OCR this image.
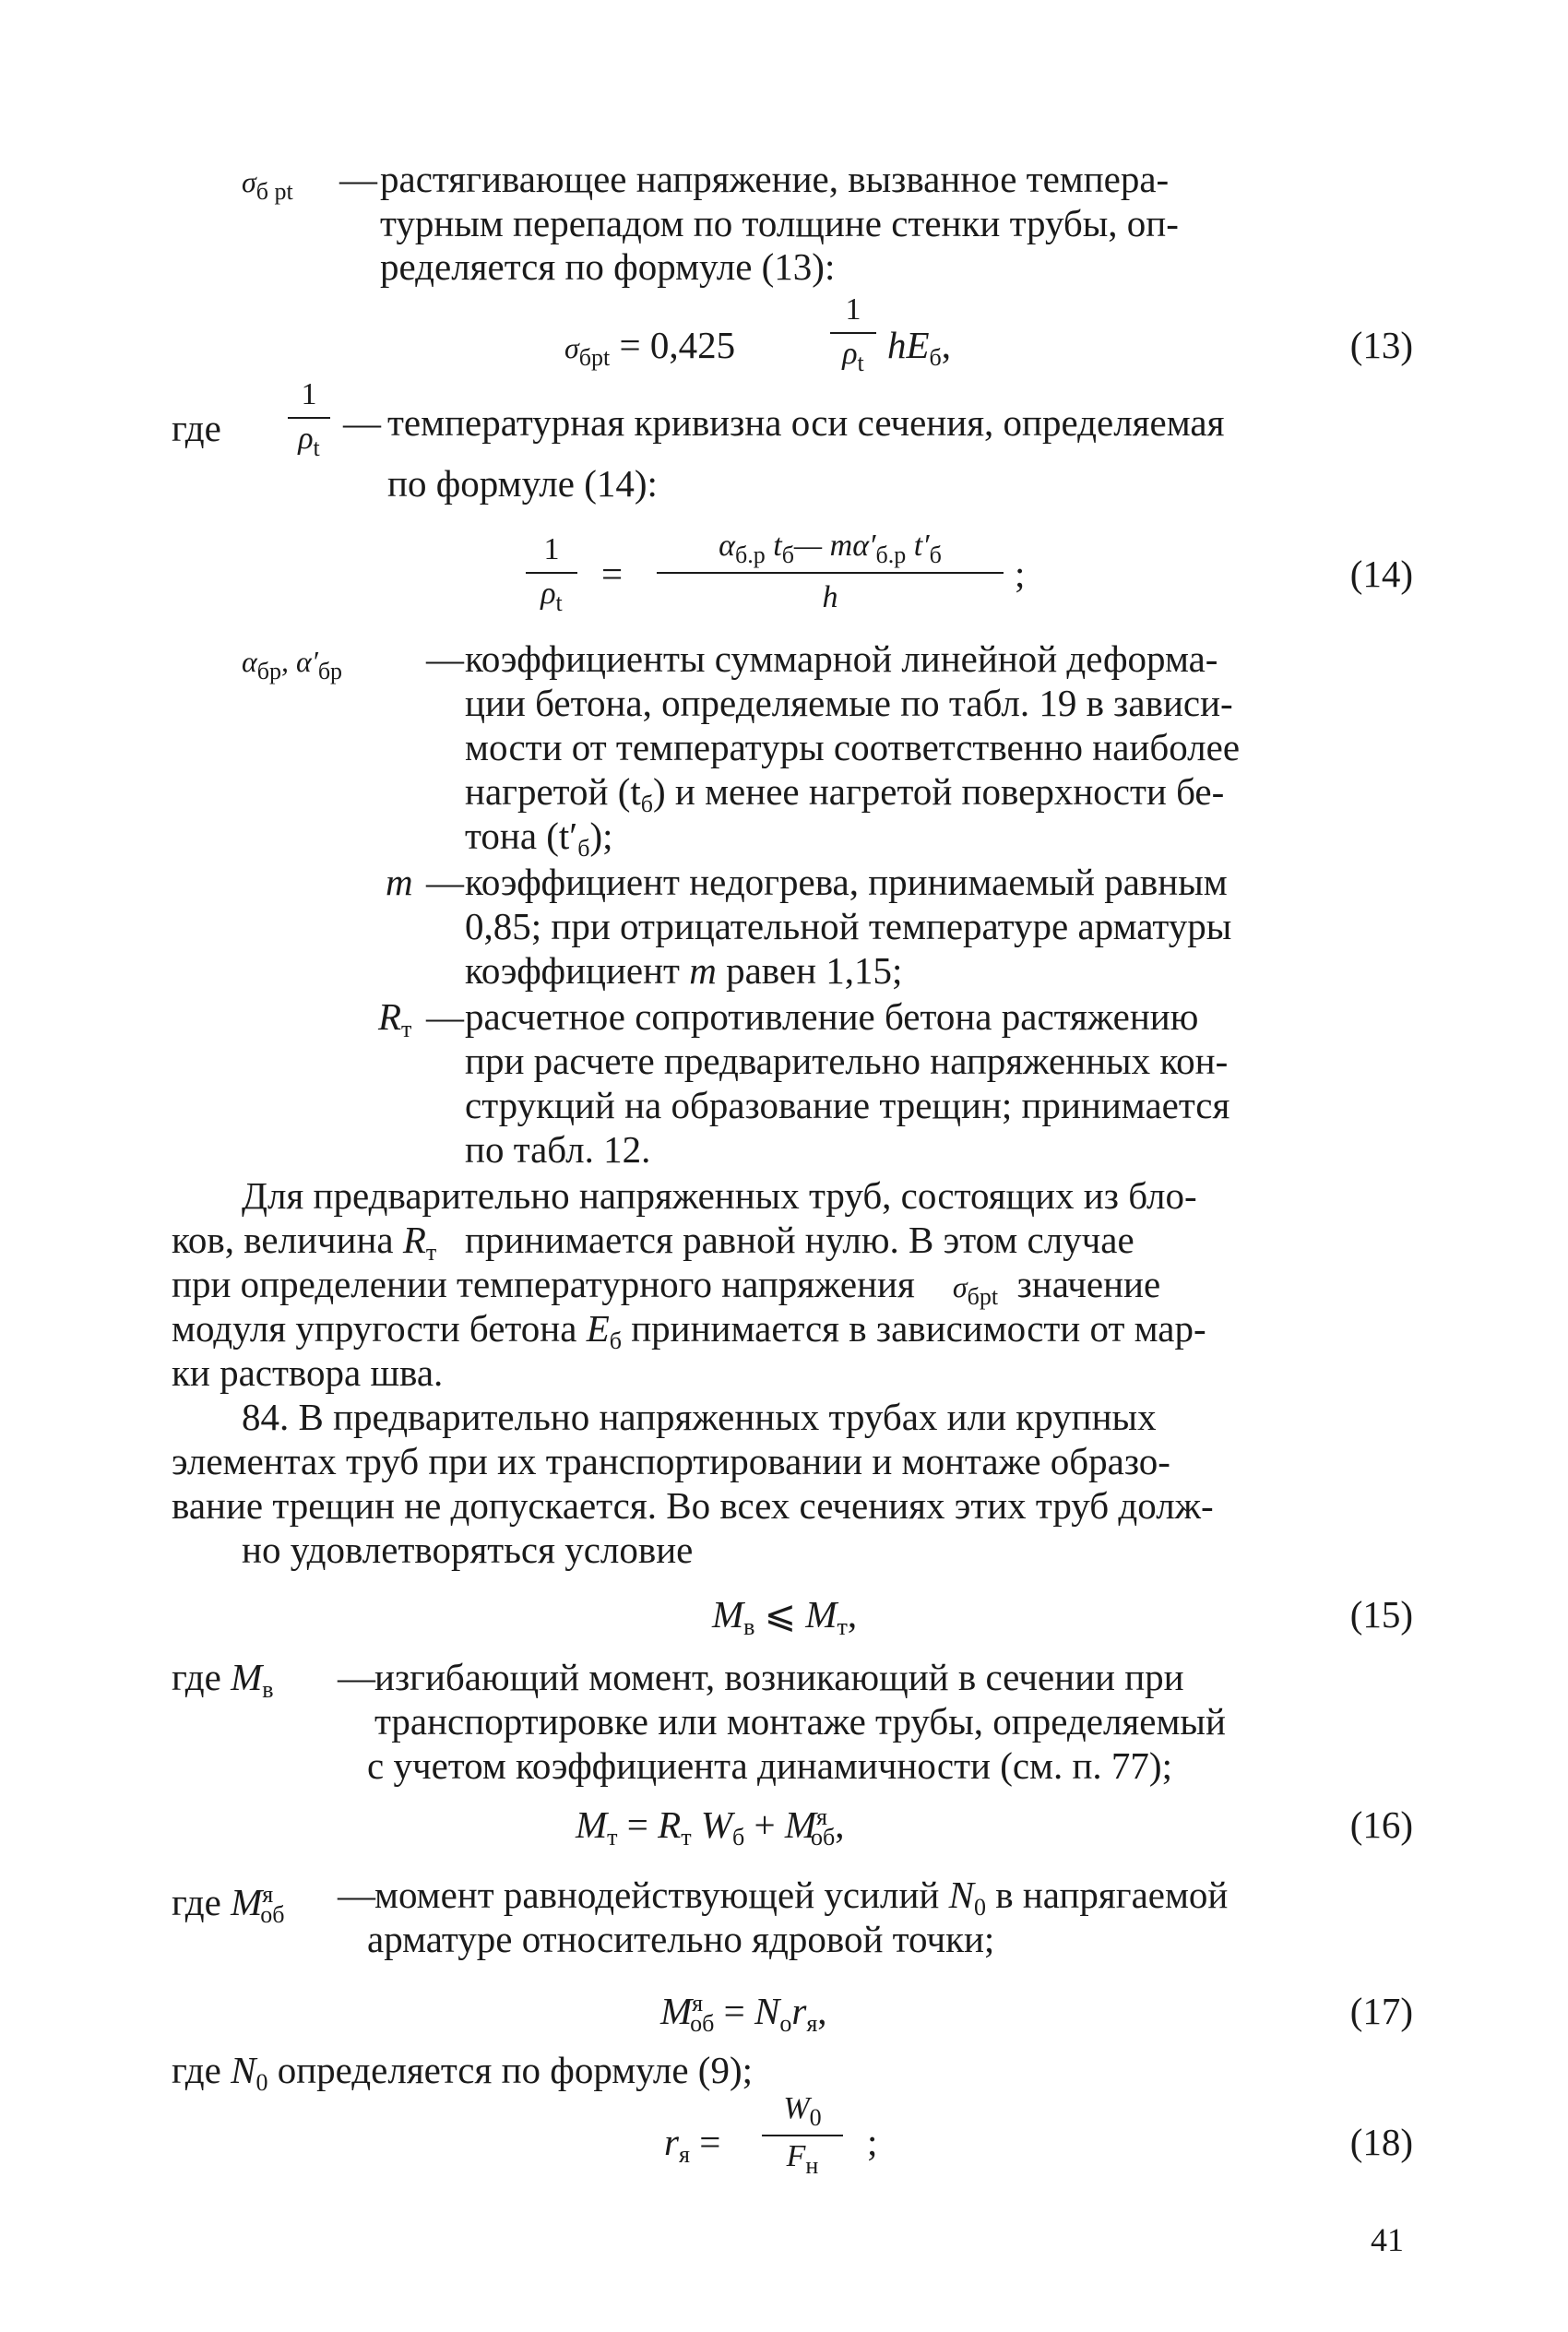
$\sigma_{б pt}$ — растягивающее напряжение, вызванное темпера-
турным перепадом по толщине стенки трубы, оп-
ределяется по формуле (13):
$\sigma_{бpt} = 0,425$
1
$\rho_t$ $hE_б$,	(13)
где
1
$\rho_t$
— температурная кривизна оси сечения, определяемая
по формуле (14):
1
$\rho_t$
=
$\alpha_{б.р}$ $t_б—$ $m\alpha'_{б.р}$ $t'_б$
h
;	(14)
$\alpha_{бр}$, $\alpha'_{бр}$ — коэффициенты суммарной линейной деформа-
ции бетона, определяемые по табл. 19 в зависи-
мости от температуры соответственно наиболее
нагретой $(t_б)$ и менее нагретой поверхности бе-
тона $(t'_б)$;
m — коэффициент недогрева, принимаемый равным
0,85; при отрицательной температуре арматуры
коэффициент m равен 1,15;
$R_т$ — расчетное сопротивление бетона растяжению
при расчете предварительно напряженных кон-
струкций на образование трещин; принимается
по табл. 12.
Для предварительно напряженных труб, состоящих из бло-
ков, величина $R_т$ принимается равной нулю. В этом случае
при определении температурного напряжения $\sigma_{бpt}$ значение
модуля упругости бетона $E_б$ принимается в зависимости от мар-
ки раствора шва.
84. В предварительно напряженных трубах или крупных
элементах труб при их транспортировании и монтаже образо-
вание трещин не допускается. Во всех сечениях этих труб долж-
но удовлетворяться условие
$M_в$ ⩽ $M_т$,	(15)
где $M_в$ — изгибающий момент, возникающий в сечении при
транспортировке или монтаже трубы, определяемый
с учетом коэффициента динамичности (см. п. 77);
$M_т = R_т$ $W_б + M^я_{об}$,	(16)
где $M^я_{об}$ — момент равнодействующей усилий $N_0$ в напрягаемой
арматуре относительно ядровой точки;
$M^я_{об} = N_оr_я$,	(17)
где $N_0$ определяется по формуле (9);
$r_я$ =
$W_0$
$F_н$
;	(18)
41
